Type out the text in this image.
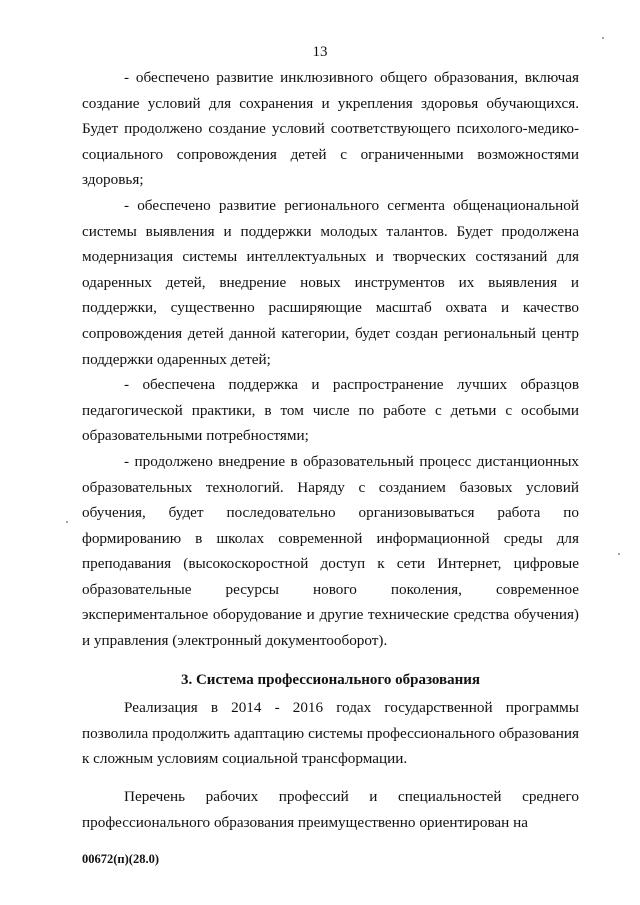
13

- обеспечено развитие инклюзивного общего образования, включая создание условий для сохранения и укрепления здоровья обучающихся. Будет продолжено создание условий соответствующего психолого-медико-социального сопровождения детей с ограниченными возможностями здоровья;

- обеспечено развитие регионального сегмента общенациональной системы выявления и поддержки молодых талантов. Будет продолжена модернизация системы интеллектуальных и творческих состязаний для одаренных детей, внедрение новых инструментов их выявления и поддержки, существенно расширяющие масштаб охвата и качество сопровождения детей данной категории, будет создан региональный центр поддержки одаренных детей;

- обеспечена поддержка и распространение лучших образцов педагогической практики, в том числе по работе с детьми с особыми образовательными потребностями;

- продолжено внедрение в образовательный процесс дистанционных образовательных технологий. Наряду с созданием базовых условий обучения, будет последовательно организовываться работа по формированию в школах современной информационной среды для преподавания (высокоскоростной доступ к сети Интернет, цифровые образовательные ресурсы нового поколения, современное экспериментальное оборудование и другие технические средства обучения) и управления (электронный документооборот).

3. Система профессионального образования

Реализация в 2014 - 2016 годах государственной программы позволила продолжить адаптацию системы профессионального образования к сложным условиям социальной трансформации.

Перечень рабочих профессий и специальностей среднего профессионального образования преимущественно ориентирован на

00672(п)(28.0)
